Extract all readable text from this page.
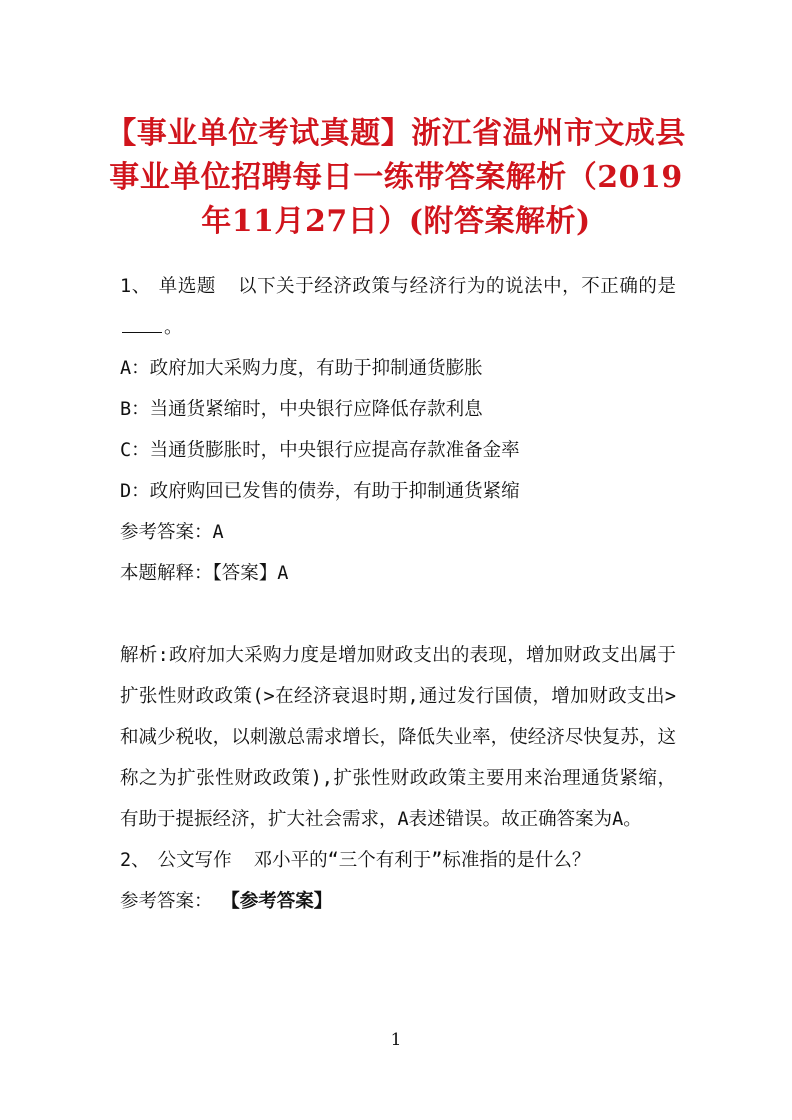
【事业单位考试真题】浙江省温州市文成县事业单位招聘每日一练带答案解析（2019年11月27日）(附答案解析)
1、 单选题 以下关于经济政策与经济行为的说法中，不正确的是。
A：政府加大采购力度，有助于抑制通货膨胀
B：当通货紧缩时，中央银行应降低存款利息
C：当通货膨胀时，中央银行应提高存款准备金率
D：政府购回已发售的债券，有助于抑制通货紧缩
参考答案：A
本题解释：【答案】A
解析:政府加大采购力度是增加财政支出的表现，增加财政支出属于扩张性财政政策(>在经济衰退时期,通过发行国债，增加财政支出>和减少税收，以刺激总需求增长，降低失业率，使经济尽快复苏，这称之为扩张性财政政策),扩张性财政政策主要用来治理通货紧缩，有助于提振经济，扩大社会需求，A表述错误。故正确答案为A。
2、 公文写作 邓小平的“三个有利于”标准指的是什么？
参考答案： 【参考答案】
1
